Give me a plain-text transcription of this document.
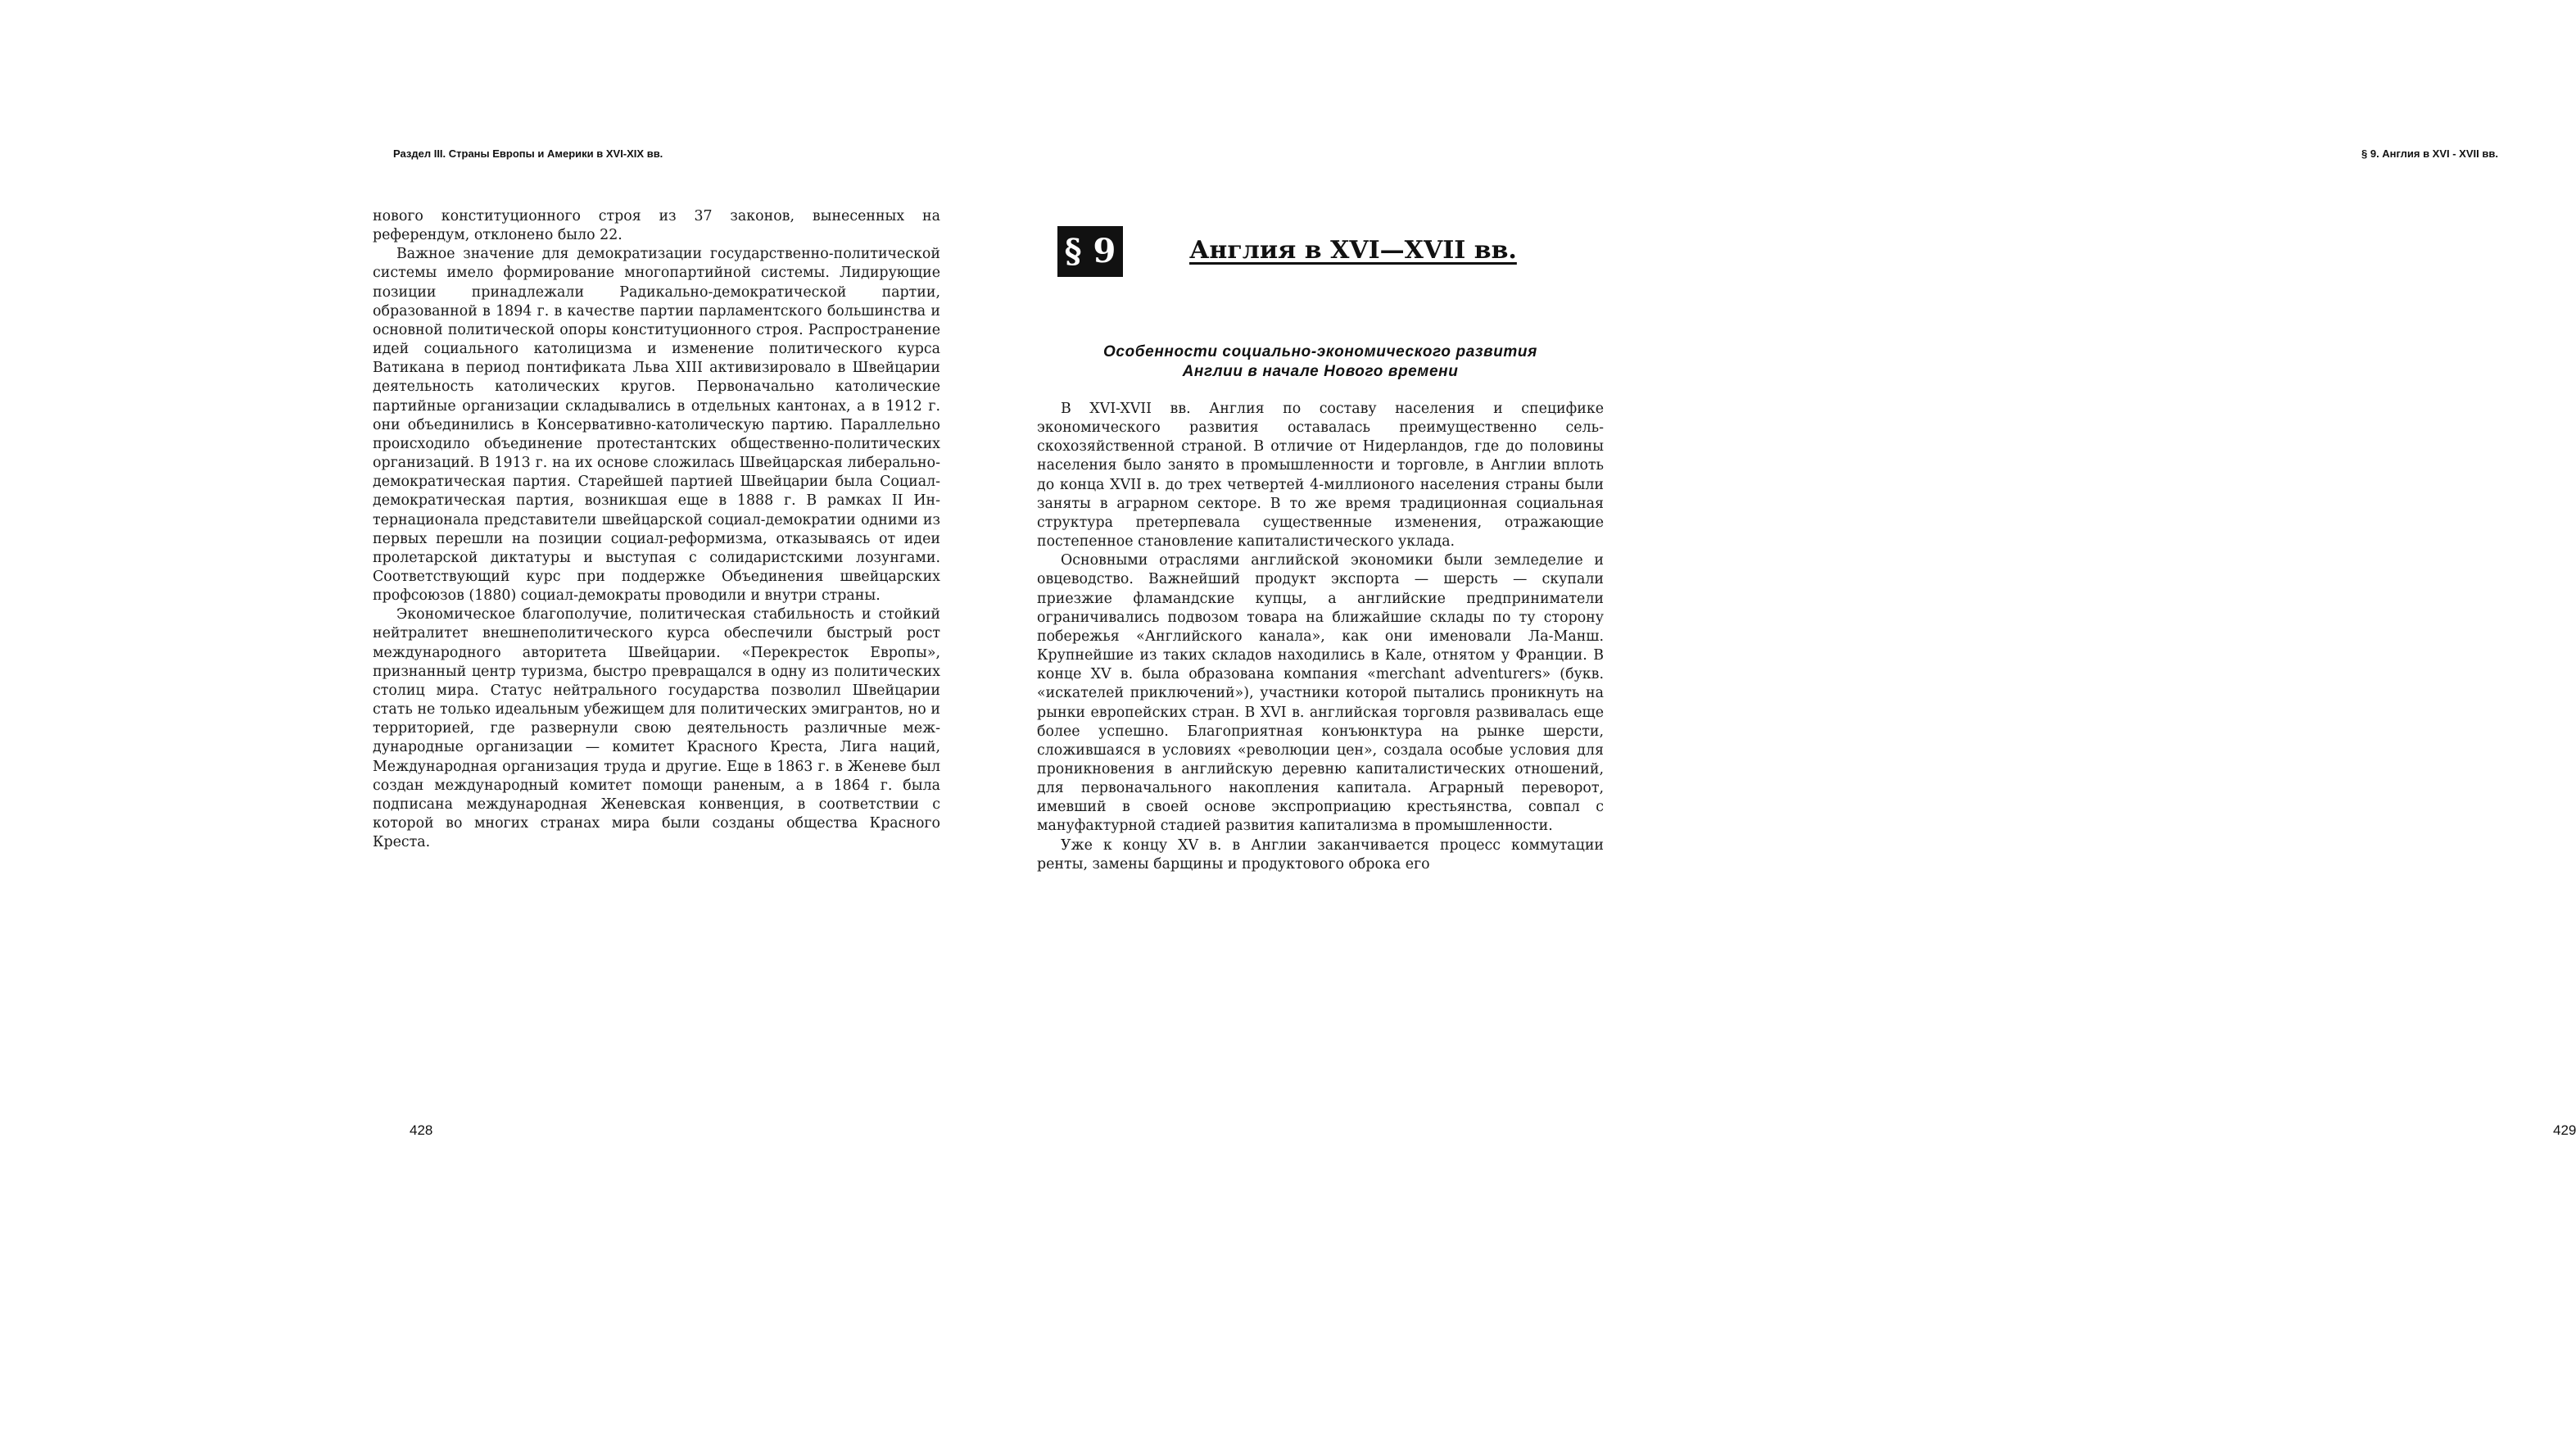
Раздел III. Страны Европы и Америки в XVI-XIX вв.

нового конституционного строя из 37 законов, вынесенных на референдум, отклонено было 22.

Важное значение для демократизации государственно-политической системы имело формирование многопартийной системы. Лидирующие позиции принадлежали Радикально-демократической партии, образованной в 1894 г. в качестве партии парламентского большинства и основной политической опоры конституционного строя. Распространение идей социального католицизма и изменение политического курса Ватикана в период понтификата Льва XIII активизировало в Швейцарии деятельность католических кругов. Первоначально католические партийные организации складывались в отдельных кантонах, а в 1912 г. они объединились в Консервативно-католическую партию. Параллельно происходило объединение протестантских общественно-политических организаций. В 1913 г. на их основе сложилась Швейцарская либерально-демократическая партия. Старейшей партией Швейцарии была Социал-демократическая партия, возникшая еще в 1888 г. В рамках II Интернационала представители швейцарской социал-демократии одними из первых перешли на позиции социал-реформизма, отказываясь от идеи пролетарской диктатуры и выступая с солидаристскими лозунгами. Соответствующий курс при поддержке Объединения швейцарских профсоюзов (1880) социал-демократы проводили и внутри страны.

Экономическое благополучие, политическая стабильность и стойкий нейтралитет внешнеполитического курса обеспечили быстрый рост международного авторитета Швейцарии. «Перекресток Европы», признанный центр туризма, быстро превращался в одну из политических столиц мира. Статус нейтрального государства позволил Швейцарии стать не только идеальным убежищем для политических эмигрантов, но и территорией, где развернули свою деятельность различные международные организации — комитет Красного Креста, Лига наций, Международная организация труда и другие. Еще в 1863 г. в Женеве был создан международный комитет помощи раненым, а в 1864 г. была подписана международная Женевская конвенция, в соответствии с которой во многих странах мира были созданы общества Красного Креста.

428
§ 9. Англия в XVI - XVII вв.
429
§ 9	Англия в XVI—XVII вв.
Особенности социально-экономического развития
Англии в начале Нового времени

В XVI-XVII вв. Англия по составу населения и специфике экономического развития оставалась преимущественно сельскохозяйственной страной. В отличие от Нидерландов, где до половины населения было занято в промышленности и торговле, в Англии вплоть до конца XVII в. до трех четвертей 4-миллионого населения страны были заняты в аграрном секторе. В то же время традиционная социальная структура претерпевала существенные изменения, отражающие постепенное становление капиталистического уклада.

Основными отраслями английской экономики были земледелие и овцеводство. Важнейший продукт экспорта — шерсть — скупали приезжие фламандские купцы, а английские предприниматели ограничивались подвозом товара на ближайшие склады по ту сторону побережья «Английского канала», как они именовали Ла-Манш. Крупнейшие из таких складов находились в Кале, отнятом у Франции. В конце XV в. была образована компания «merchant adventurers» (букв. «искателей приключений»), участники которой пытались проникнуть на рынки европейских стран. В XVI в. английская торговля развивалась еще более успешно. Благоприятная конъюнктура на рынке шерсти, сложившаяся в условиях «революции цен», создала особые условия для проникновения в английскую деревню капиталистических отношений, для первоначального накопления капитала. Аграрный переворот, имевший в своей основе экспроприацию крестьянства, совпал с мануфактурной стадией развития капитализма в промышленности.

Уже к концу XV в. в Англии заканчивается процесс коммутации ренты, замены барщины и продуктового оброка его
